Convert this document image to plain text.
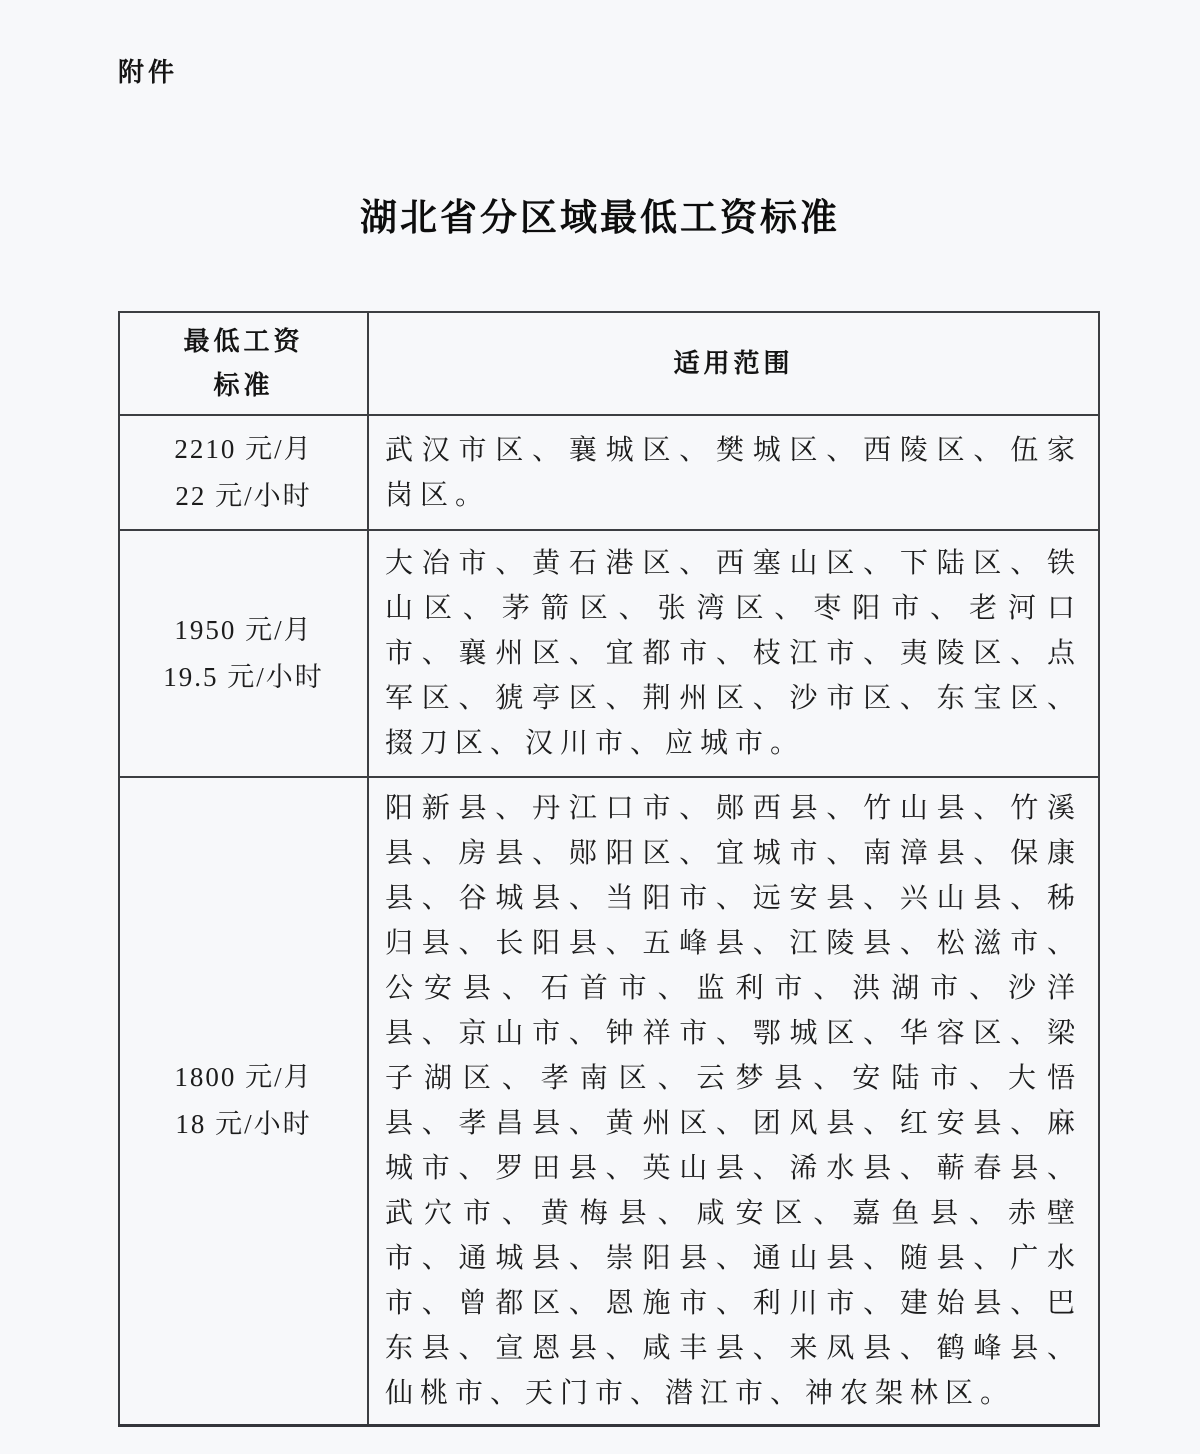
附件
湖北省分区域最低工资标准
最低工资
标准	适用范围

2210 元/月
22 元/小时	武汉市区、襄城区、樊城区、西陵区、伍家岗区。

1950 元/月
19.5 元/小时	大冶市、黄石港区、西塞山区、下陆区、铁山区、茅箭区、张湾区、枣阳市、老河口市、襄州区、宜都市、枝江市、夷陵区、点军区、猇亭区、荆州区、沙市区、东宝区、掇刀区、汉川市、应城市。

1800 元/月
18 元/小时	阳新县、丹江口市、郧西县、竹山县、竹溪县、房县、郧阳区、宜城市、南漳县、保康县、谷城县、当阳市、远安县、兴山县、秭归县、长阳县、五峰县、江陵县、松滋市、公安县、石首市、监利市、洪湖市、沙洋县、京山市、钟祥市、鄂城区、华容区、梁子湖区、孝南区、云梦县、安陆市、大悟县、孝昌县、黄州区、团风县、红安县、麻城市、罗田县、英山县、浠水县、蕲春县、武穴市、黄梅县、咸安区、嘉鱼县、赤壁市、通城县、崇阳县、通山县、随县、广水市、曾都区、恩施市、利川市、建始县、巴东县、宣恩县、咸丰县、来凤县、鹤峰县、仙桃市、天门市、潜江市、神农架林区。
